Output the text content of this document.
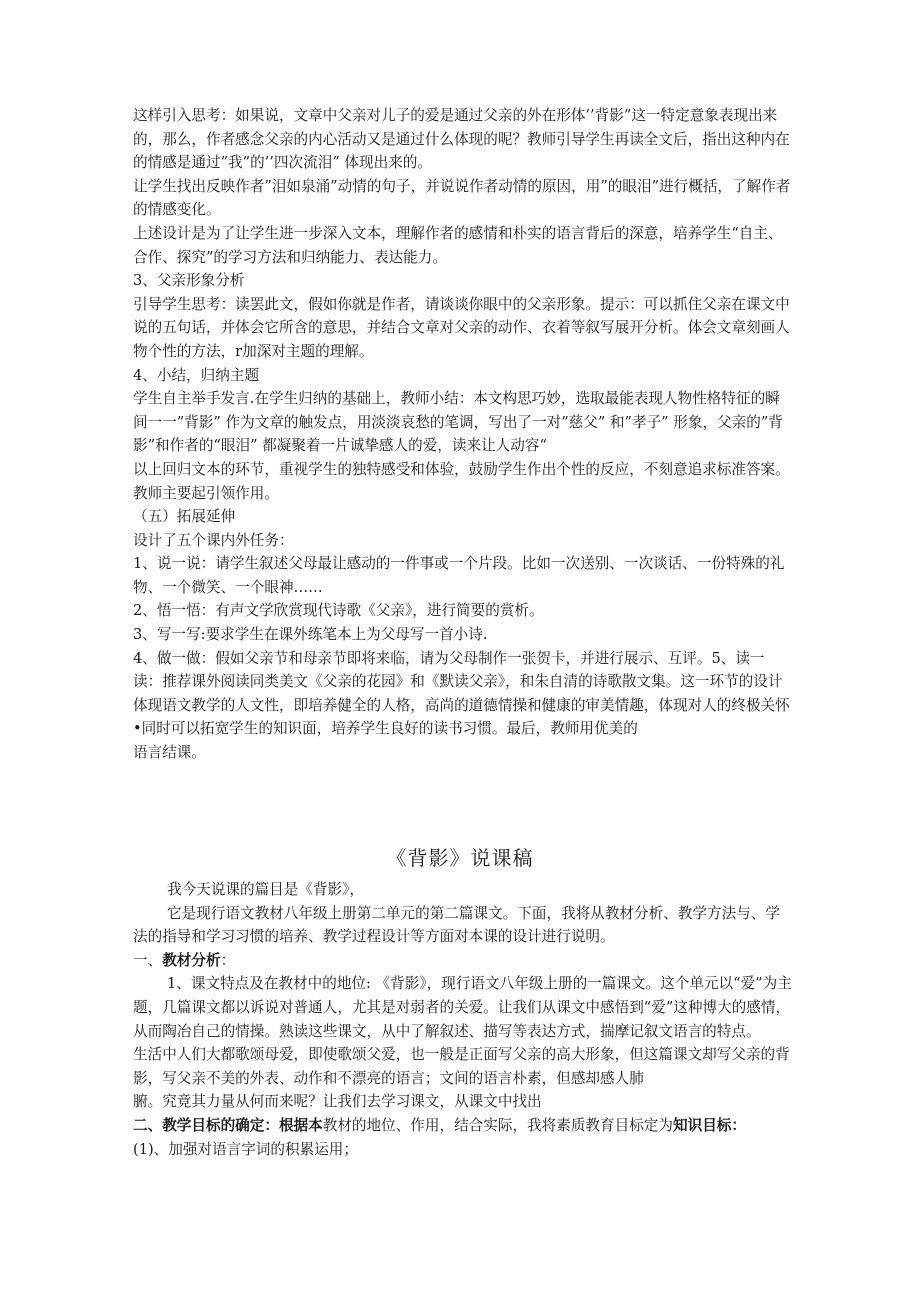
这样引入思考：如果说，文章中父亲对儿子的爱是通过父亲的外在形体’’背影”这一特定意象表现出来的，那么，作者感念父亲的内心活动又是通过什么体现的呢？教师引导学生再读全文后，指出这种内在的情感是通过”我”的’’四次流泪” 体现出来的。

让学生找出反映作者”泪如泉涌”动情的句子，并说说作者动情的原因，用”的眼泪”进行概括，了解作者的情感变化。

上述设计是为了让学生进一步深入文本，理解作者的感情和朴实的语言背后的深意，培养学生“自主、合作、探究”的学习方法和归纳能力、表达能力。

3、父亲形象分析

引导学生思考：读罢此文，假如你就是作者，请谈谈你眼中的父亲形象。提示：可以抓住父亲在课文中说的五句话，并体会它所含的意思，并结合文章对父亲的动作、衣着等叙写展开分析。体会文章刻画人物个性的方法，r加深对主题的理解。

4、小结，归纳主题

学生自主举手发言.在学生归纳的基础上，教师小结：本文构思巧妙，选取最能表现人物性格特征的瞬间一一”背影” 作为文章的触发点，用淡淡哀愁的笔调，写出了一对”慈父” 和”孝子” 形象，父亲的”背影”和作者的“眼泪” 都凝聚着一片诚挚感人的爱，读来让人动容“

以上回归文本的环节，重视学生的独特感受和体验，鼓励学生作出个性的反应，不刻意追求标准答案。教师主要起引领作用。

（五）拓展延伸

设计了五个课内外任务：

1、说一说：请学生叙述父母最让感动的一件事或一个片段。比如一次送别、一次谈话、一份特殊的礼物、一个微笑、一个眼神……

2、悟一悟：有声文学欣赏现代诗歌《父亲》，进行简要的赏析。

3、写一写:要求学生在课外练笔本上为父母写一首小诗.

4、做一做：假如父亲节和母亲节即将来临，请为父母制作一张贺卡，并进行展示、互评。5、读一读：推荐课外阅读同类美文《父亲的花园》和《默读父亲》，和朱自清的诗歌散文集。这一环节的设计体现语文教学的人文性，即培养健全的人格，高尚的道德情操和健康的审美情趣，体现对人的终极关怀•同时可以拓宽学生的知识面，培养学生良好的读书习惯。最后，教师用优美的

语言结课。

《背影》说课稿

我今天说课的篇目是《背影》，

它是现行语文教材八年级上册第二单元的第二篇课文。下面，我将从教材分析、教学方法与、学法的指导和学习习惯的培养、教学过程设计等方面对本课的设计进行说明。

一、教材分析：

1、课文特点及在教材中的地位: 《背影》，现行语文八年级上册的一篇课文。这个单元以“爱”为主题，几篇课文都以诉说对普通人，尤其是对弱者的关爱。让我们从课文中感悟到“爱”这种博大的感情，从而陶冶自己的情操。熟读这些课文，从中了解叙述、描写等表达方式，揣摩记叙文语言的特点。

生活中人们大都歌颂母爱，即使歌颂父爱，也一般是正面写父亲的高大形象，但这篇课文却写父亲的背影，写父亲不美的外表、动作和不漂亮的语言；文间的语言朴素，但感却感人肺

腑。究竟其力量从何而来呢？让我们去学习课文，从课文中找出

二、教学目标的确定：根据本教材的地位、作用，结合实际，我将素质教育目标定为知识目标：

(1)、加强对语言字词的积累运用；
